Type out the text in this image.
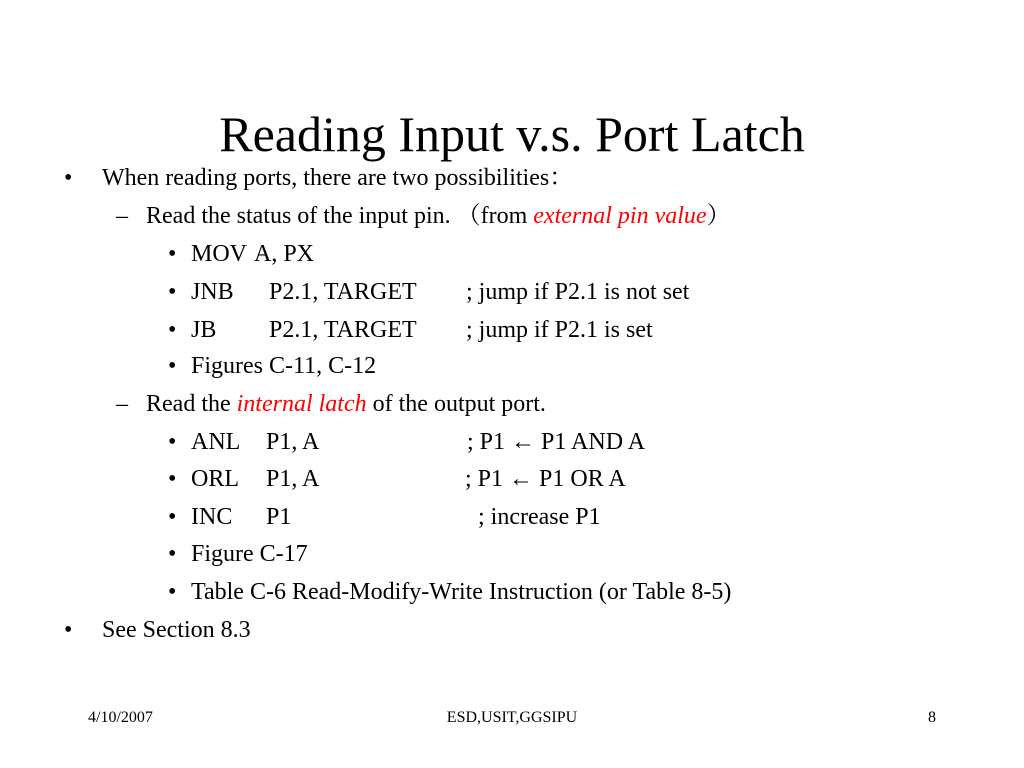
Reading Input v.s. Port Latch
• When reading ports, there are two possibilities：
– Read the status of the input pin. （from external pin value）
• MOV A, PX
• JNB P2.1, TARGET ; jump if P2.1 is not set
• JB P2.1, TARGET ; jump if P2.1 is set
• Figures C-11, C-12
– Read the internal latch of the output port.
• ANL P1, A	; P1 ← P1 AND A
• ORL P1, A	; P1 ← P1 OR A
• INC P1	; increase P1
• Figure C-17
• Table C-6 Read-Modify-Write Instruction (or Table 8-5)
• See Section 8.3
4/10/2007	ESD,USIT,GGSIPU	8
